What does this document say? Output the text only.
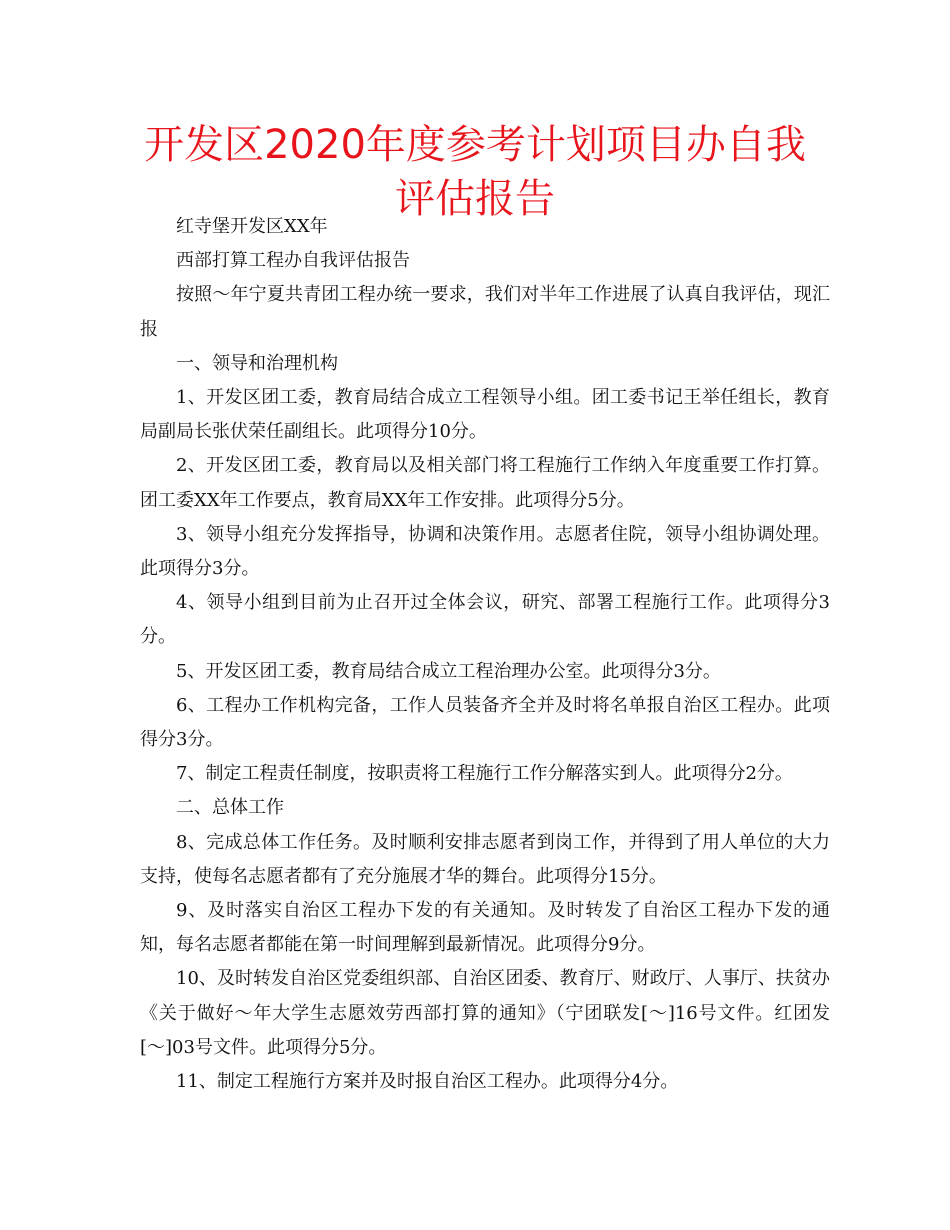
开发区2020年度参考计划项目办自我评估报告

红寺堡开发区XX年

西部打算工程办自我评估报告

按照～年宁夏共青团工程办统一要求，我们对半年工作进展了认真自我评估，现汇报

一、领导和治理机构

1、开发区团工委，教育局结合成立工程领导小组。团工委书记王举任组长，教育局副局长张伏荣任副组长。此项得分10分。

2、开发区团工委，教育局以及相关部门将工程施行工作纳入年度重要工作打算。团工委XX年工作要点，教育局XX年工作安排。此项得分5分。

3、领导小组充分发挥指导，协调和决策作用。志愿者住院，领导小组协调处理。此项得分3分。

4、领导小组到目前为止召开过全体会议，研究、部署工程施行工作。此项得分3分。

5、开发区团工委，教育局结合成立工程治理办公室。此项得分3分。

6、工程办工作机构完备，工作人员装备齐全并及时将名单报自治区工程办。此项得分3分。

7、制定工程责任制度，按职责将工程施行工作分解落实到人。此项得分2分。

二、总体工作

8、完成总体工作任务。及时顺利安排志愿者到岗工作，并得到了用人单位的大力支持，使每名志愿者都有了充分施展才华的舞台。此项得分15分。

9、及时落实自治区工程办下发的有关通知。及时转发了自治区工程办下发的通知，每名志愿者都能在第一时间理解到最新情况。此项得分9分。

10、及时转发自治区党委组织部、自治区团委、教育厅、财政厅、人事厅、扶贫办《关于做好～年大学生志愿效劳西部打算的通知》（宁团联发[～]16号文件。红团发[～]03号文件。此项得分5分。

11、制定工程施行方案并及时报自治区工程办。此项得分4分。
